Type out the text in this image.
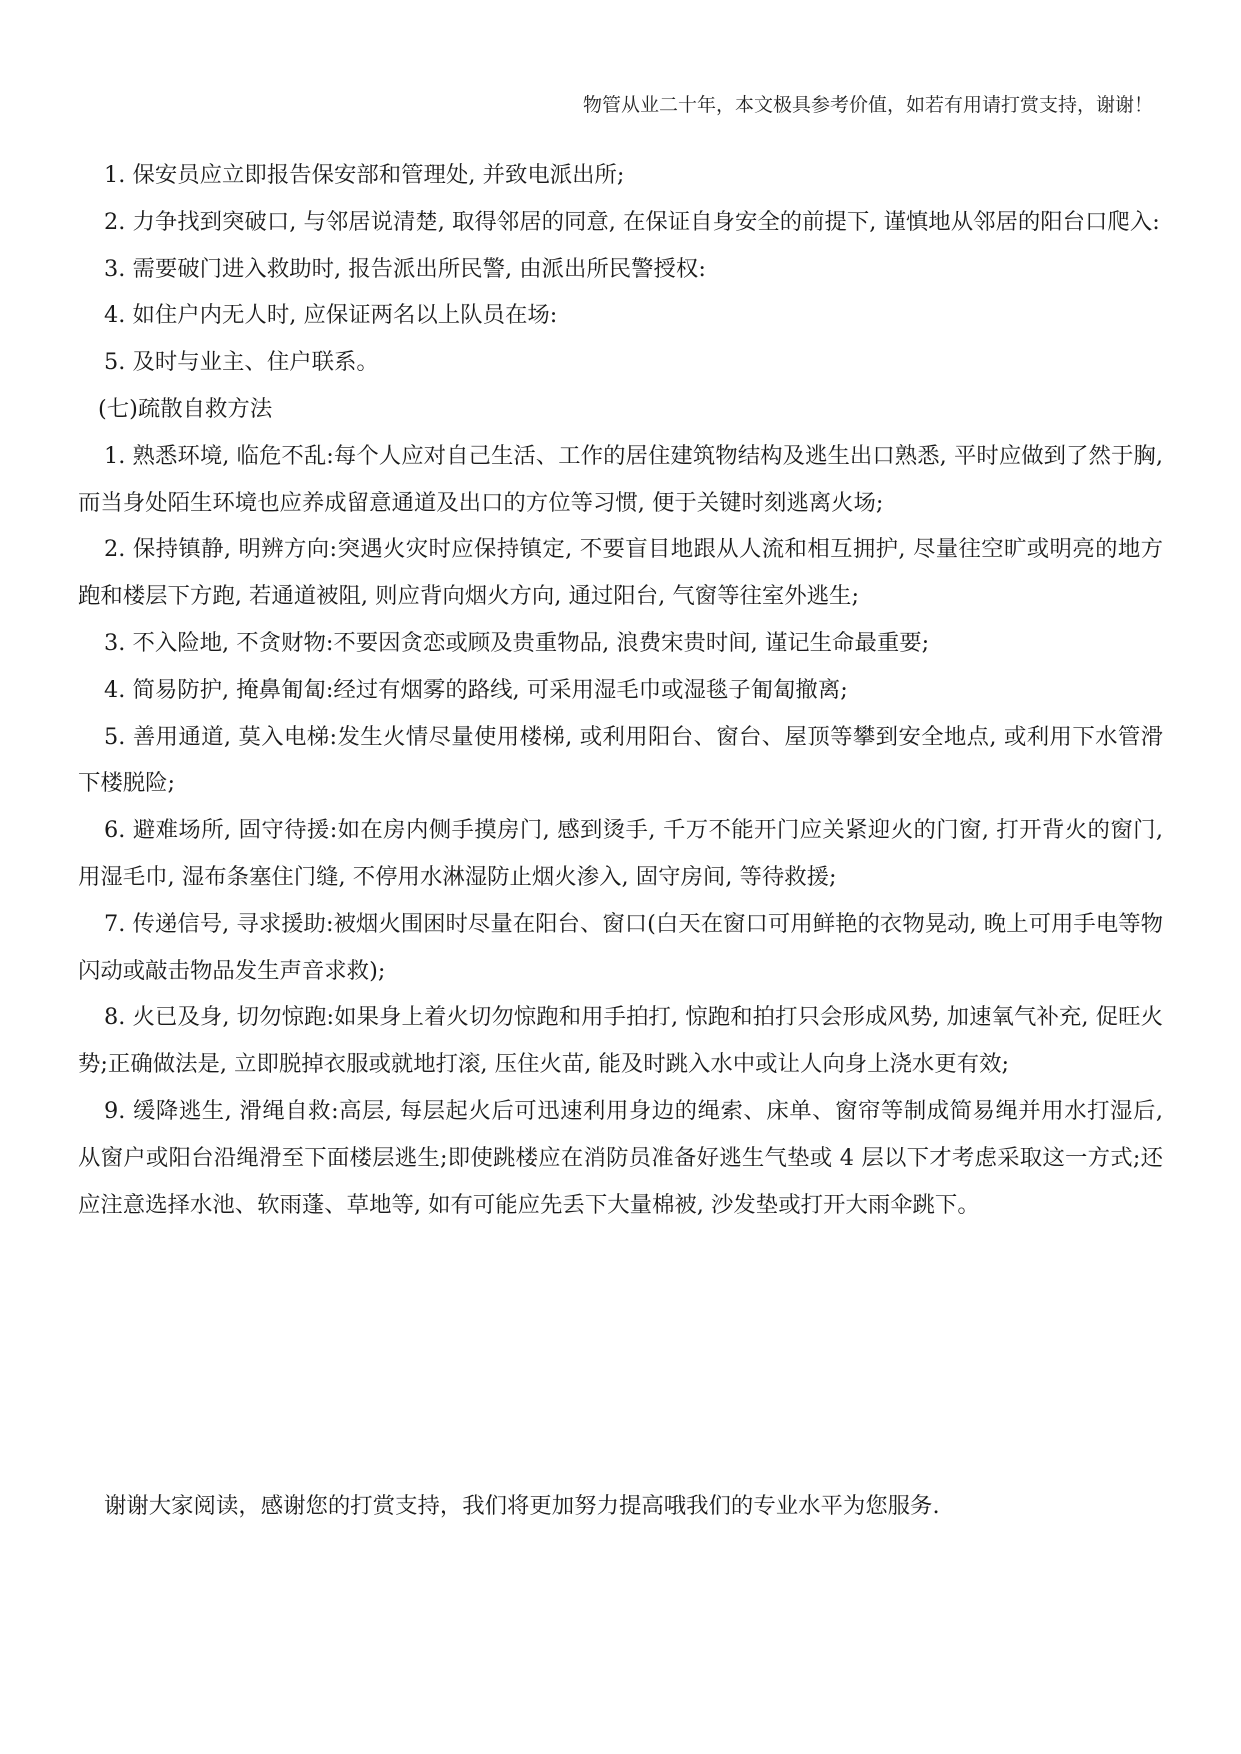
物管从业二十年，本文极具参考价值，如若有用请打赏支持，谢谢！

1. 保安员应立即报告保安部和管理处, 并致电派出所;

2. 力争找到突破口, 与邻居说清楚, 取得邻居的同意, 在保证自身安全的前提下, 谨慎地从邻居的阳台口爬入:

3. 需要破门进入救助时, 报告派出所民警, 由派出所民警授权:

4. 如住户内无人时, 应保证两名以上队员在场:

5. 及时与业主、住户联系。

(七)疏散自救方法

1. 熟悉环境, 临危不乱:每个人应对自己生活、工作的居住建筑物结构及逃生出口熟悉, 平时应做到了然于胸, 而当身处陌生环境也应养成留意通道及出口的方位等习惯, 便于关键时刻逃离火场;

2. 保持镇静, 明辨方向:突遇火灾时应保持镇定, 不要盲目地跟从人流和相互拥护, 尽量往空旷或明亮的地方跑和楼层下方跑, 若通道被阻, 则应背向烟火方向, 通过阳台, 气窗等往室外逃生;

3. 不入险地, 不贪财物:不要因贪恋或顾及贵重物品, 浪费宋贵时间, 谨记生命最重要;

4. 简易防护, 掩鼻匍匐:经过有烟雾的路线, 可采用湿毛巾或湿毯子匍匐撤离;

5. 善用通道, 莫入电梯:发生火情尽量使用楼梯, 或利用阳台、窗台、屋顶等攀到安全地点, 或利用下水管滑下楼脱险;

6. 避难场所, 固守待援:如在房内侧手摸房门, 感到烫手, 千万不能开门应关紧迎火的门窗, 打开背火的窗门, 用湿毛巾, 湿布条塞住门缝, 不停用水淋湿防止烟火渗入, 固守房间, 等待救援;

7. 传递信号, 寻求援助:被烟火围困时尽量在阳台、窗口(白天在窗口可用鲜艳的衣物晃动, 晚上可用手电等物闪动或敲击物品发生声音求救);

8. 火已及身, 切勿惊跑:如果身上着火切勿惊跑和用手拍打, 惊跑和拍打只会形成风势, 加速氧气补充, 促旺火势;正确做法是, 立即脱掉衣服或就地打滚, 压住火苗, 能及时跳入水中或让人向身上浇水更有效;

9. 缓降逃生, 滑绳自救:高层, 每层起火后可迅速利用身边的绳索、床单、窗帘等制成简易绳并用水打湿后, 从窗户或阳台沿绳滑至下面楼层逃生;即使跳楼应在消防员准备好逃生气垫或 4 层以下才考虑采取这一方式;还应注意选择水池、软雨蓬、草地等, 如有可能应先丢下大量棉被, 沙发垫或打开大雨伞跳下。

谢谢大家阅读，感谢您的打赏支持，我们将更加努力提高哦我们的专业水平为您服务.
